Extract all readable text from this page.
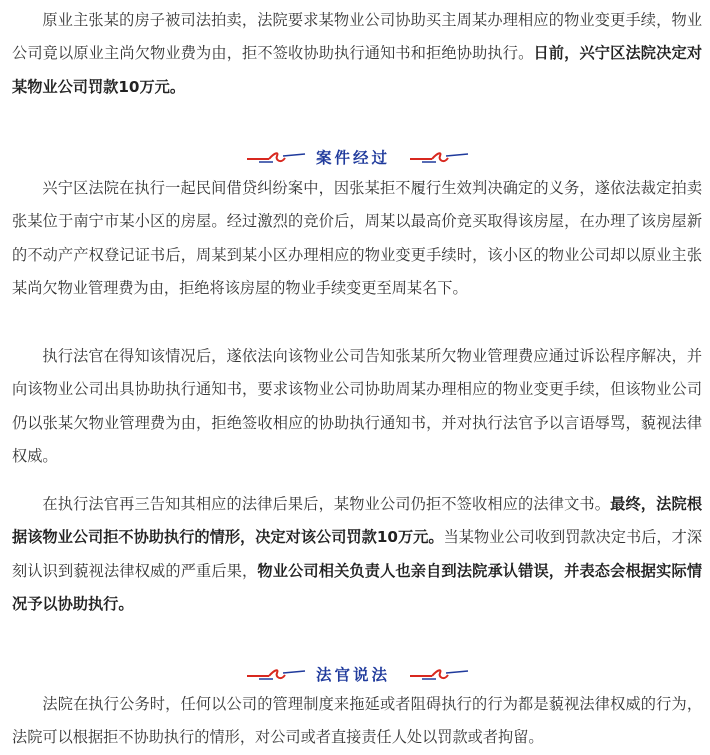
原业主张某的房子被司法拍卖，法院要求某物业公司协助买主周某办理相应的物业变更手续，物业公司竟以原业主尚欠物业费为由，拒不签收协助执行通知书和拒绝协助执行。日前，兴宁区法院决定对某物业公司罚款10万元。

案件经过

兴宁区法院在执行一起民间借贷纠纷案中，因张某拒不履行生效判决确定的义务，遂依法裁定拍卖张某位于南宁市某小区的房屋。经过激烈的竞价后，周某以最高价竞买取得该房屋，在办理了该房屋新的不动产产权登记证书后，周某到某小区办理相应的物业变更手续时，该小区的物业公司却以原业主张某尚欠物业管理费为由，拒绝将该房屋的物业手续变更至周某名下。

执行法官在得知该情况后，遂依法向该物业公司告知张某所欠物业管理费应通过诉讼程序解决，并向该物业公司出具协助执行通知书，要求该物业公司协助周某办理相应的物业变更手续，但该物业公司仍以张某欠物业管理费为由，拒绝签收相应的协助执行通知书，并对执行法官予以言语辱骂，藐视法律权威。

在执行法官再三告知其相应的法律后果后，某物业公司仍拒不签收相应的法律文书。最终，法院根据该物业公司拒不协助执行的情形，决定对该公司罚款10万元。当某物业公司收到罚款决定书后，才深刻认识到藐视法律权威的严重后果，物业公司相关负责人也亲自到法院承认错误，并表态会根据实际情况予以协助执行。

法官说法

法院在执行公务时，任何以公司的管理制度来拖延或者阻碍执行的行为都是藐视法律权威的行为，法院可以根据拒不协助执行的情形，对公司或者直接责任人处以罚款或者拘留。
